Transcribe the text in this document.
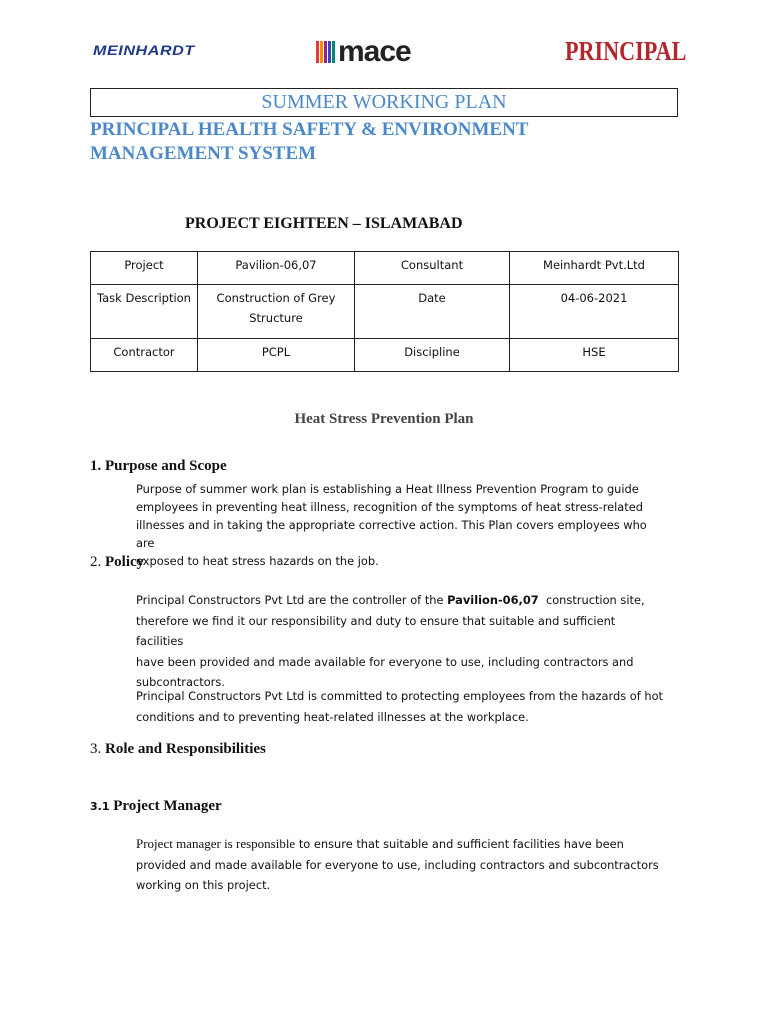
MEINHARDT	mace	PRINCIPAL
SUMMER WORKING PLAN
PRINCIPAL HEALTH SAFETY & ENVIRONMENT
MANAGEMENT SYSTEM
PROJECT EIGHTEEN – ISLAMABAD
Project	Pavilion-06,07	Consultant	Meinhardt Pvt.Ltd
Task Description	Construction of Grey Structure	Date	04-06-2021
Contractor	PCPL	Discipline	HSE
Heat Stress Prevention Plan
1. Purpose and Scope
Purpose of summer work plan is establishing a Heat Illness Prevention Program to guide
employees in preventing heat illness, recognition of the symptoms of heat stress-related
illnesses and in taking the appropriate corrective action. This Plan covers employees who are
exposed to heat stress hazards on the job.
2. Policy
Principal Constructors Pvt Ltd are the controller of the Pavilion-06,07  construction site,
therefore we find it our responsibility and duty to ensure that suitable and sufficient facilities
have been provided and made available for everyone to use, including contractors and
subcontractors.
Principal Constructors Pvt Ltd is committed to protecting employees from the hazards of hot
conditions and to preventing heat-related illnesses at the workplace.
3. Role and Responsibilities
3.1 Project Manager
Project manager is responsible to ensure that suitable and sufficient facilities have been
provided and made available for everyone to use, including contractors and subcontractors
working on this project.
